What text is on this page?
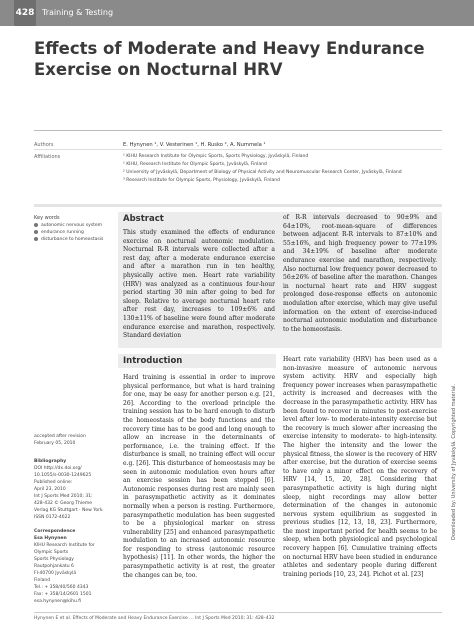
428 Training & Testing
Effects of Moderate and Heavy Endurance Exercise on Nocturnal HRV
Authors	E. Hynynen ¹, V. Vesterinen ¹, H. Rusko ², A. Nummela ¹
Affiliations	¹ KIHU Research Institute for Olympic Sports, Sports Physiology, Jyväskylä, Finland
¹ KIHU, Research Institute for Olympic Sports, Jyväskylä, Finland
² University of Jyväskylä, Department of Biology of Physical Activity and Neuromuscular Research Center, Jyväskylä, Finland
³ Research Institute for Olympic Sports, Physiology, Jyväskylä, Finland
Key words
autonomic nervous system
endurance running
disturbance to homeostasis
Abstract
This study examined the effects of endurance exercise on nocturnal autonomic modulation. Nocturnal R-R intervals were collected after a rest day, after a moderate endurance exercise and after a marathon run in ten healthy, physically active men. Heart rate variability (HRV) was analyzed as a continuous four-hour period starting 30 min after going to bed for sleep. Relative to average nocturnal heart rate after rest day, increases to 109±6% and 130±11% of baseline were found after moderate endurance exercise and marathon, respectively. Standard deviation
of R-R intervals decreased to 90±9% and 64±10%, root-mean-square of differences between adjacent R-R intervals to 87±10% and 55±16%, and high frequency power to 77±19% and 34±19% of baseline after moderate endurance exercise and marathon, respectively. Also nocturnal low frequency power decreased to 56±26% of baseline after the marathon. Changes in nocturnal heart rate and HRV suggest prolonged dose-response effects on autonomic modulation after exercise, which may give useful information on the extent of exercise-induced nocturnal autonomic modulation and disturbance to the homeostasis.
Introduction
Hard training is essential in order to improve physical performance, but what is hard training for one, may be easy for another person e.g. [21, 26]. According to the overload principle the training session has to be hard enough to disturb the homeostasis of the body functions and the recovery time has to be good and long enough to allow an increase in the determinants of performance, i.e. the training effect. If the disturbance is small, no training effect will occur e.g. [26]. This disturbance of homeostasis may be seen in autonomic modulation even hours after an exercise session has been stopped [6]. Autonomic responses during rest are mainly seen in parasympathetic activity as it dominates normally when a person is resting. Furthermore, parasympathetic modulation has been suggested to be a physiological marker on stress vulnerability [25] and enhanced parasympathetic modulation to an increased autonomic resource for responding to stress (autonomic resource hypothesis) [11]. In other words, the higher the parasympathetic activity is at rest, the greater the changes can be, too.
Heart rate variability (HRV) has been used as a non-invasive measure of autonomic nervous system activity. HRV and especially high frequency power increases when parasympathetic activity is increased and decreases with the decrease in the parasympathetic activity. HRV has been found to recover in minutes to post-exercise level after low- to moderate-intensity exercise but the recovery is much slower after increasing the exercise intensity to moderate- to high-intensity. The higher the intensity and the lower the physical fitness, the slower is the recovery of HRV after exercise, but the duration of exercise seems to have only a minor effect on the recovery of HRV [14, 15, 20, 28]. Considering that parasympathetic activity is high during night sleep, night recordings may allow better determination of the changes in autonomic nervous system equilibrium as suggested in previous studies [12, 13, 18, 23]. Furthermore, the most important period for health seems to be sleep, when both physiological and psychological recovery happen [6]. Cumulative training effects on nocturnal HRV have been studied in endurance athletes and sedentary people during different training periods [10, 23, 24]. Pichot et al. [23]
accepted after revision
February 05, 2010
Bibliography
DOI http://dx.doi.org/
10.1055/s-0030-1249625
Published online:
April 23, 2010
Int J Sports Med 2010; 31:
428-432 © Georg Thieme
Verlag KG Stuttgart · New York
ISSN 0172-4622
Correspondence
Esa Hynynen
KIHU Research Institute for
Olympic Sports
Sports Physiology
Rautpohjankatu 6
FI-40700 Jyväskylä
Finland
Tel.: + 358/40/560 4343
Fax: + 358/14/2601 1501
esa.hynynen@kihu.fi
Hynynen E et al. Effects of Moderate and Heavy Endurance Exercise … Int J Sports Med 2010; 31: 428–432
Downloaded by: University of Jyväskylä. Copyrighted material.
